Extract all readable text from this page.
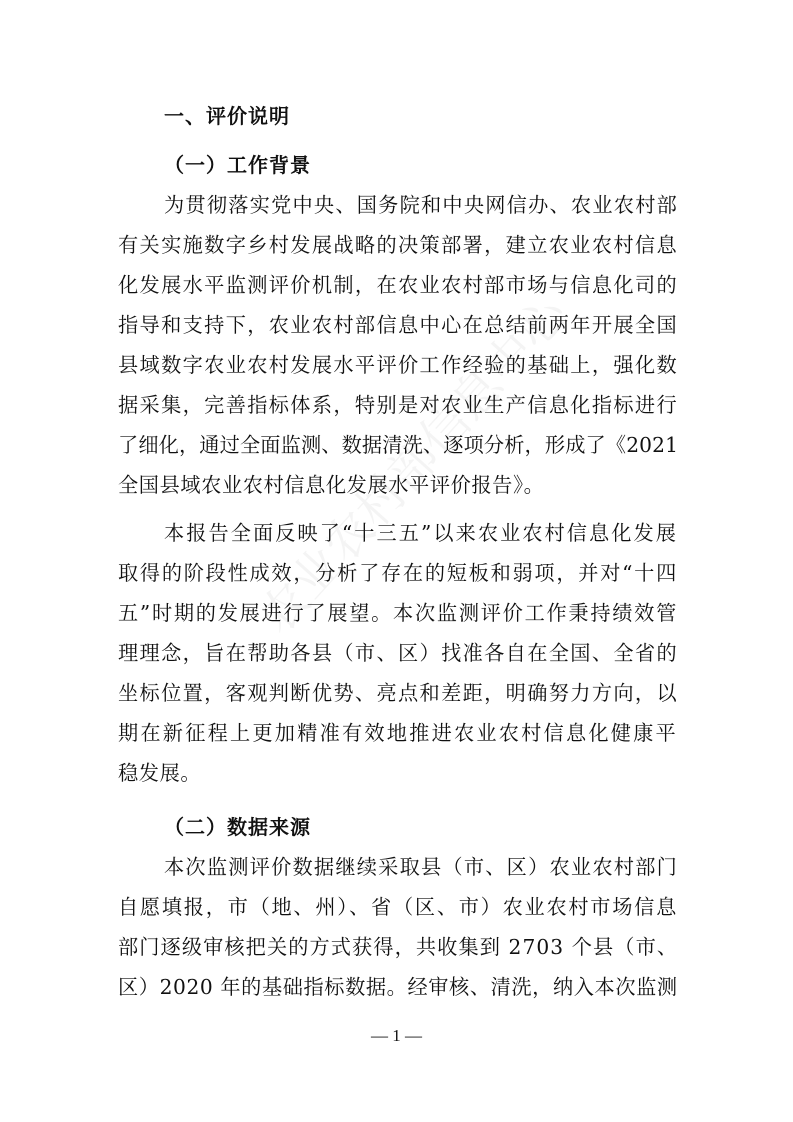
一、评价说明
（一）工作背景
为贯彻落实党中央、国务院和中央网信办、农业农村部
有关实施数字乡村发展战略的决策部署，建立农业农村信息
化发展水平监测评价机制，在农业农村部市场与信息化司的
指导和支持下，农业农村部信息中心在总结前两年开展全国
县域数字农业农村发展水平评价工作经验的基础上，强化数
据采集，完善指标体系，特别是对农业生产信息化指标进行
了细化，通过全面监测、数据清洗、逐项分析，形成了《2021
全国县域农业农村信息化发展水平评价报告》。
本报告全面反映了“十三五”以来农业农村信息化发展
取得的阶段性成效，分析了存在的短板和弱项，并对“十四
五”时期的发展进行了展望。本次监测评价工作秉持绩效管
理理念，旨在帮助各县（市、区）找准各自在全国、全省的
坐标位置，客观判断优势、亮点和差距，明确努力方向，以
期在新征程上更加精准有效地推进农业农村信息化健康平
稳发展。
（二）数据来源
本次监测评价数据继续采取县（市、区）农业农村部门
自愿填报，市（地、州）、省（区、市）农业农村市场信息
部门逐级审核把关的方式获得，共收集到 2703 个县（市、
区）2020 年的基础指标数据。经审核、清洗，纳入本次监测
— 1 —
